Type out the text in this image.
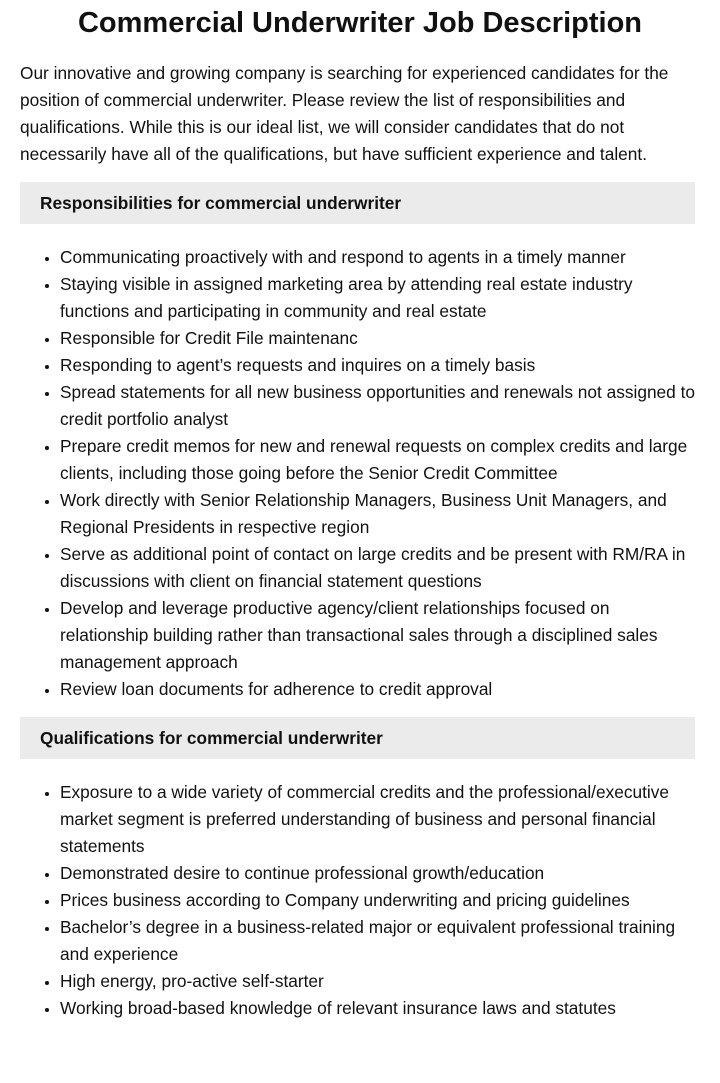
Commercial Underwriter Job Description

Our innovative and growing company is searching for experienced candidates for the position of commercial underwriter. Please review the list of responsibilities and qualifications. While this is our ideal list, we will consider candidates that do not necessarily have all of the qualifications, but have sufficient experience and talent.

Responsibilities for commercial underwriter
• Communicating proactively with and respond to agents in a timely manner
• Staying visible in assigned marketing area by attending real estate industry functions and participating in community and real estate
• Responsible for Credit File maintenanc
• Responding to agent’s requests and inquires on a timely basis
• Spread statements for all new business opportunities and renewals not assigned to credit portfolio analyst
• Prepare credit memos for new and renewal requests on complex credits and large clients, including those going before the Senior Credit Committee
• Work directly with Senior Relationship Managers, Business Unit Managers, and Regional Presidents in respective region
• Serve as additional point of contact on large credits and be present with RM/RA in discussions with client on financial statement questions
• Develop and leverage productive agency/client relationships focused on relationship building rather than transactional sales through a disciplined sales management approach
• Review loan documents for adherence to credit approval
Qualifications for commercial underwriter
• Exposure to a wide variety of commercial credits and the professional/executive market segment is preferred understanding of business and personal financial statements
• Demonstrated desire to continue professional growth/education
• Prices business according to Company underwriting and pricing guidelines
• Bachelor’s degree in a business-related major or equivalent professional training and experience
• High energy, pro-active self-starter
• Working broad-based knowledge of relevant insurance laws and statutes
